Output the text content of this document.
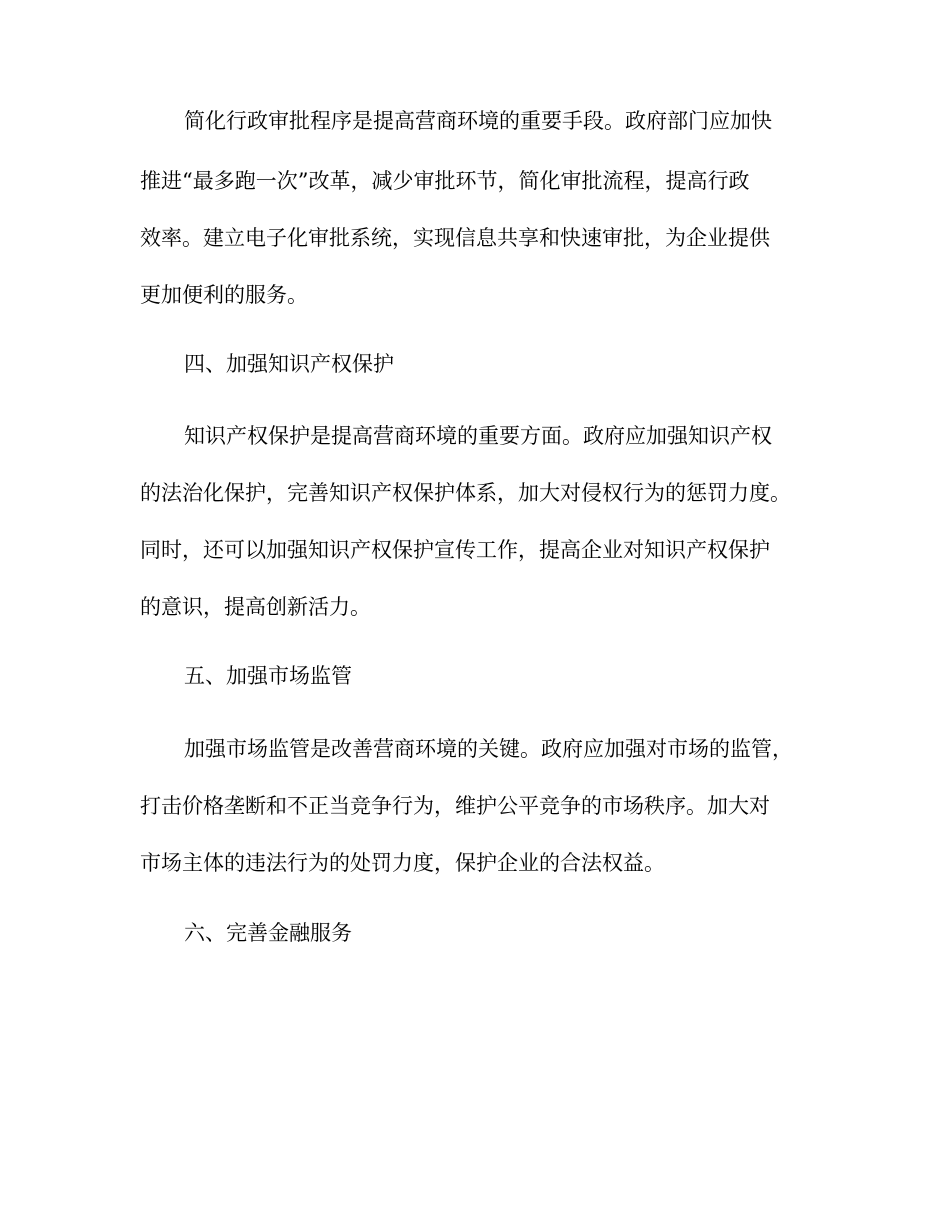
简化行政审批程序是提高营商环境的重要手段。政府部门应加快
推进“最多跑一次”改革，减少审批环节，简化审批流程，提高行政
效率。建立电子化审批系统，实现信息共享和快速审批，为企业提供
更加便利的服务。
四、加强知识产权保护
知识产权保护是提高营商环境的重要方面。政府应加强知识产权
的法治化保护，完善知识产权保护体系，加大对侵权行为的惩罚力度。
同时，还可以加强知识产权保护宣传工作，提高企业对知识产权保护
的意识，提高创新活力。
五、加强市场监管
加强市场监管是改善营商环境的关键。政府应加强对市场的监管，
打击价格垄断和不正当竞争行为，维护公平竞争的市场秩序。加大对
市场主体的违法行为的处罚力度，保护企业的合法权益。
六、完善金融服务
